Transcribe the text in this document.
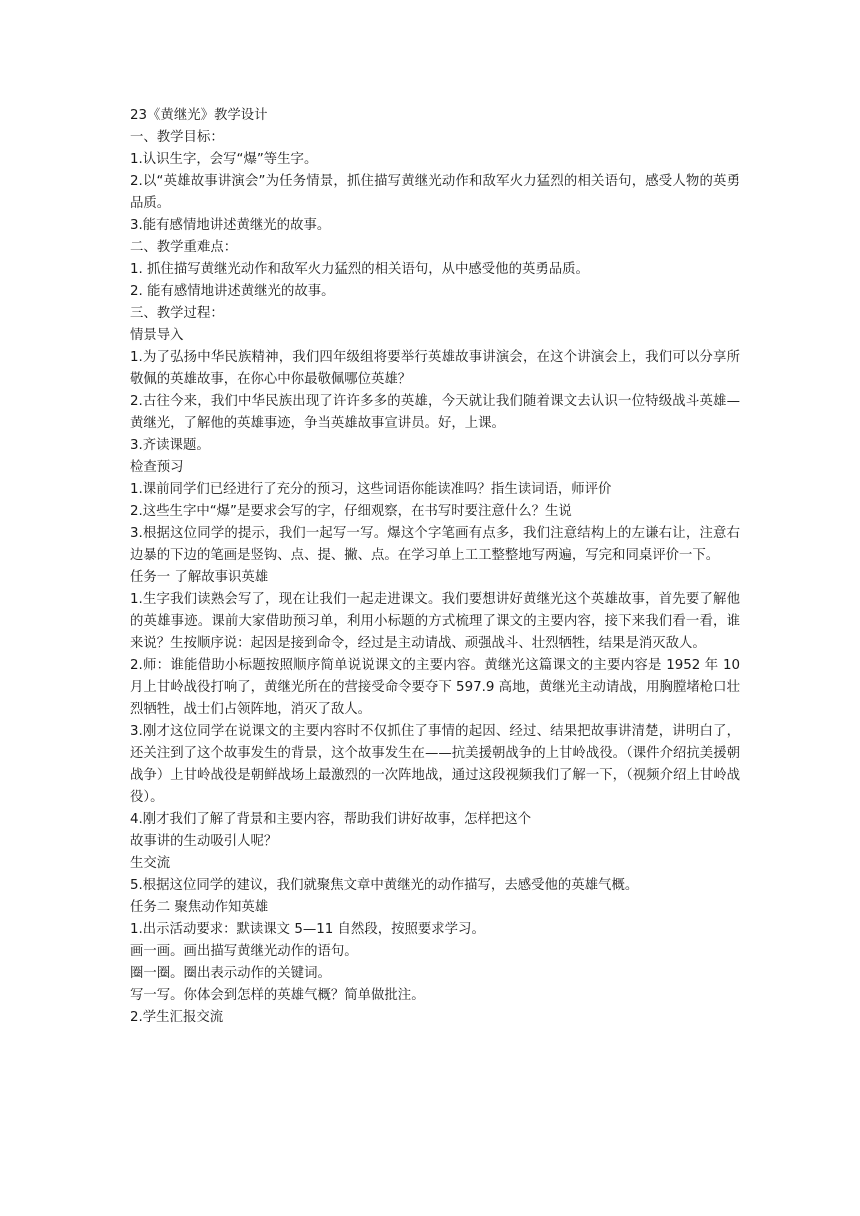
23《黄继光》教学设计
一、教学目标：
1.认识生字，会写“爆”等生字。
2.以“英雄故事讲演会”为任务情景，抓住描写黄继光动作和敌军火力猛烈的相关语句，感受人物的英勇品质。
3.能有感情地讲述黄继光的故事。
二、教学重难点：
1. 抓住描写黄继光动作和敌军火力猛烈的相关语句，从中感受他的英勇品质。
2. 能有感情地讲述黄继光的故事。
三、教学过程：
情景导入
1.为了弘扬中华民族精神，我们四年级组将要举行英雄故事讲演会，在这个讲演会上，我们可以分享所敬佩的英雄故事，在你心中你最敬佩哪位英雄？
2.古往今来，我们中华民族出现了许许多多的英雄，今天就让我们随着课文去认识一位特级战斗英雄—黄继光，了解他的英雄事迹，争当英雄故事宣讲员。好，上课。
3.齐读课题。
检查预习
1.课前同学们已经进行了充分的预习，这些词语你能读准吗？指生读词语，师评价
2.这些生字中“爆”是要求会写的字，仔细观察，在书写时要注意什么？生说
3.根据这位同学的提示，我们一起写一写。爆这个字笔画有点多，我们注意结构上的左谦右让，注意右边暴的下边的笔画是竖钩、点、提、撇、点。在学习单上工工整整地写两遍，写完和同桌评价一下。
任务一 了解故事识英雄
1.生字我们读熟会写了，现在让我们一起走进课文。我们要想讲好黄继光这个英雄故事，首先要了解他的英雄事迹。课前大家借助预习单，利用小标题的方式梳理了课文的主要内容，接下来我们看一看，谁来说？生按顺序说：起因是接到命令，经过是主动请战、顽强战斗、壮烈牺牲，结果是消灭敌人。
2.师：谁能借助小标题按照顺序简单说说课文的主要内容。黄继光这篇课文的主要内容是 1952 年 10 月上甘岭战役打响了，黄继光所在的营接受命令要夺下 597.9 高地，黄继光主动请战，用胸膛堵枪口壮烈牺牲，战士们占领阵地，消灭了敌人。
3.刚才这位同学在说课文的主要内容时不仅抓住了事情的起因、经过、结果把故事讲清楚，讲明白了，还关注到了这个故事发生的背景，这个故事发生在——抗美援朝战争的上甘岭战役。（课件介绍抗美援朝战争）上甘岭战役是朝鲜战场上最激烈的一次阵地战，通过这段视频我们了解一下，（视频介绍上甘岭战役）。
4.刚才我们了解了背景和主要内容，帮助我们讲好故事，怎样把这个
故事讲的生动吸引人呢？
生交流
5.根据这位同学的建议，我们就聚焦文章中黄继光的动作描写，去感受他的英雄气概。
任务二 聚焦动作知英雄
1.出示活动要求：默读课文 5—11 自然段，按照要求学习。
画一画。画出描写黄继光动作的语句。
圈一圈。圈出表示动作的关键词。
写一写。你体会到怎样的英雄气概？简单做批注。
2.学生汇报交流
